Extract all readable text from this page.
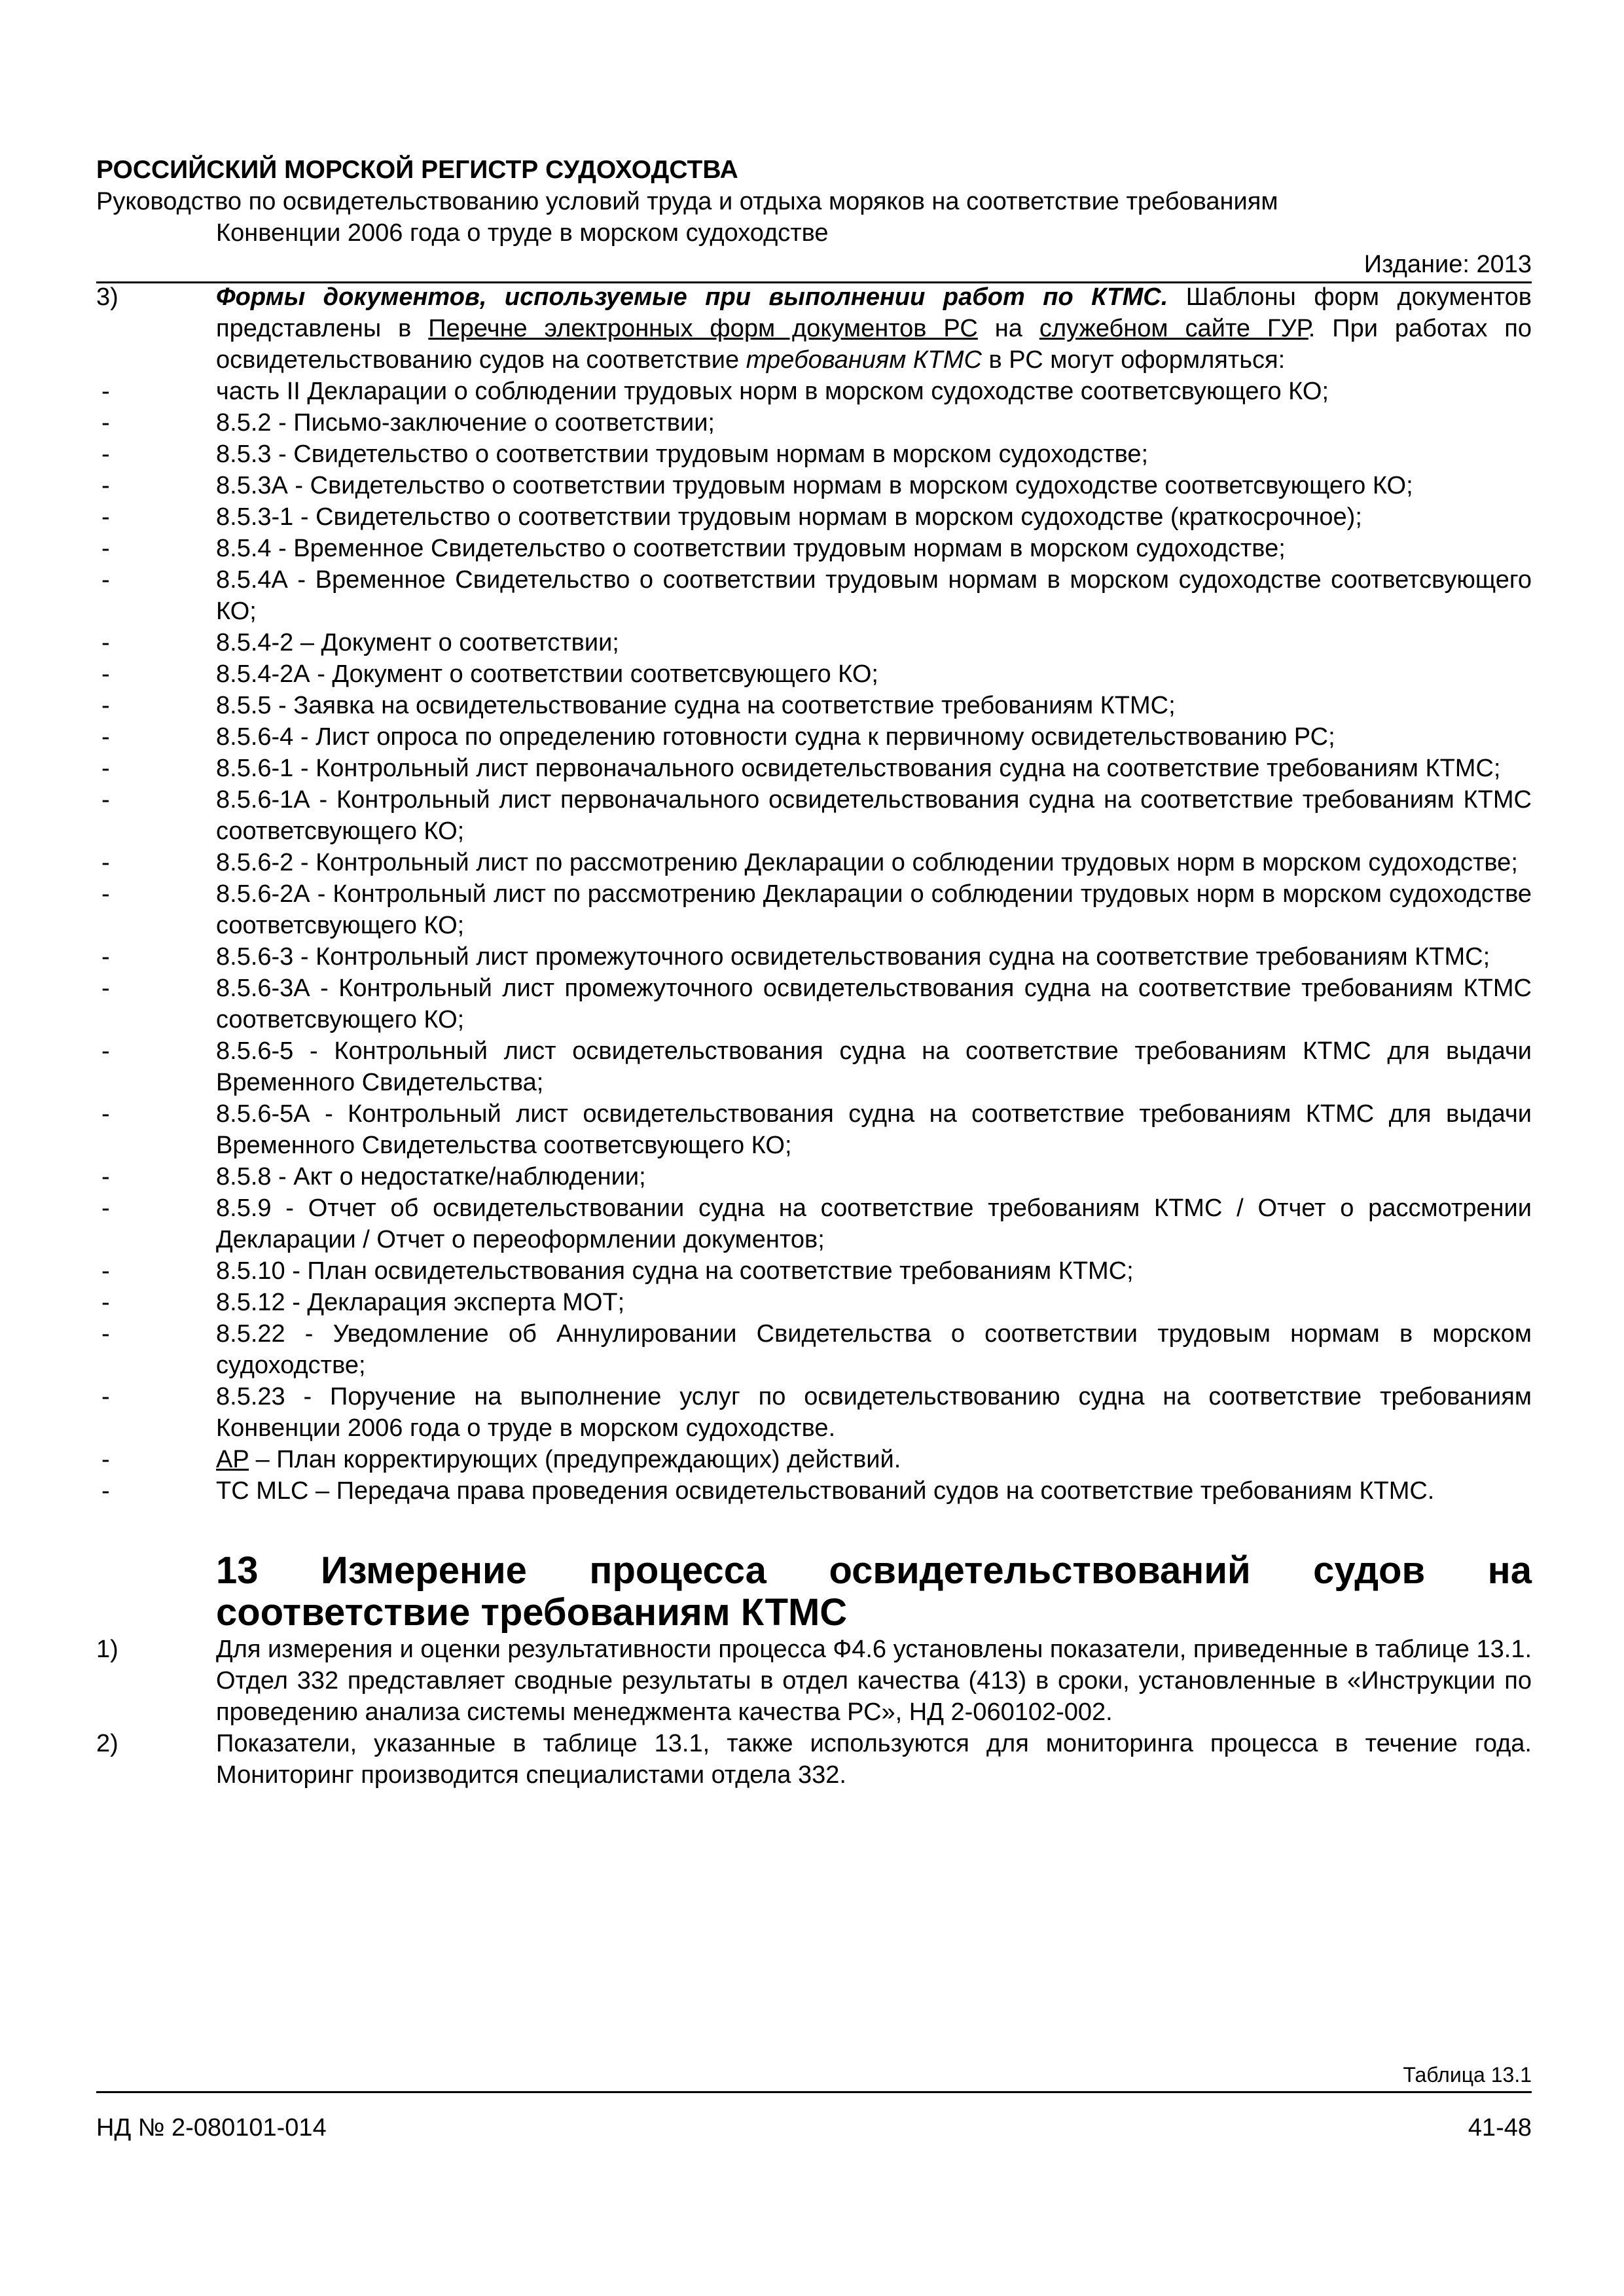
РОССИЙСКИЙ МОРСКОЙ РЕГИСТР СУДОХОДСТВА
Руководство по освидетельствованию условий труда и отдыха моряков на соответствие требованиям
Конвенции 2006 года о труде в морском судоходстве
Издание: 2013
3)	Формы документов, используемые при выполнении работ по КТМС. Шаблоны форм документов представлены в Перечне электронных форм документов РС на служебном сайте ГУР. При работах по освидетельствованию судов на соответствие требованиям КТМС в РС могут оформляться:
-	часть II Декларации о соблюдении трудовых норм в морском судоходстве соответсвующего КО;
-	8.5.2 - Письмо-заключение о соответствии;
-	8.5.3 - Свидетельство о соответствии трудовым нормам в морском судоходстве;
-	8.5.3А - Свидетельство о соответствии трудовым нормам в морском судоходстве соответсвующего КО;
-	8.5.3-1 - Свидетельство о соответствии трудовым нормам в морском судоходстве (краткосрочное);
-	8.5.4 - Временное Свидетельство о соответствии трудовым нормам в морском судоходстве;
-	8.5.4А - Временное Свидетельство о соответствии трудовым нормам в морском судоходстве соответсвующего КО;
-	8.5.4-2 – Документ о соответствии;
-	8.5.4-2А - Документ о соответствии соответсвующего КО;
-	8.5.5 - Заявка на освидетельствование судна на соответствие требованиям КТМС;
-	8.5.6-4 - Лист опроса по определению готовности судна к первичному освидетельствованию РС;
-	8.5.6-1 - Контрольный лист первоначального освидетельствования судна на соответствие требованиям КТМС;
-	8.5.6-1А - Контрольный лист первоначального освидетельствования судна на соответствие требованиям КТМС соответсвующего КО;
-	8.5.6-2 - Контрольный лист по рассмотрению Декларации о соблюдении трудовых норм в морском судоходстве;
-	8.5.6-2А - Контрольный лист по рассмотрению Декларации о соблюдении трудовых норм в морском судоходстве соответсвующего КО;
-	8.5.6-3 - Контрольный лист промежуточного освидетельствования судна на соответствие требованиям КТМС;
-	8.5.6-3А - Контрольный лист промежуточного освидетельствования судна на соответствие требованиям КТМС соответсвующего КО;
-	8.5.6-5 - Контрольный лист освидетельствования судна на соответствие требованиям КТМС для выдачи Временного Свидетельства;
-	8.5.6-5А - Контрольный лист освидетельствования судна на соответствие требованиям КТМС для выдачи Временного Свидетельства соответсвующего КО;
-	8.5.8 - Акт о недостатке/наблюдении;
-	8.5.9 - Отчет об освидетельствовании судна на соответствие требованиям КТМС / Отчет о рассмотрении Декларации / Отчет о переоформлении документов;
-	8.5.10 - План освидетельствования судна на соответствие требованиям КТМС;
-	8.5.12 - Декларация эксперта МОТ;
-	8.5.22 - Уведомление об Аннулировании Свидетельства о соответствии трудовым нормам в морском судоходстве;
-	8.5.23 - Поручение на выполнение услуг по освидетельствованию судна на соответствие требованиям Конвенции 2006 года о труде в морском судоходстве.
-	AP – План корректирующих (предупреждающих) действий.
-	TC MLC – Передача права проведения освидетельствований судов на соответствие требованиям КТМС.
13 Измерение процесса освидетельствований судов на
соответствие требованиям КТМС
1)	Для измерения и оценки результативности процесса Ф4.6 установлены показатели, приведенные в таблице 13.1. Отдел 332 представляет сводные результаты в отдел качества (413) в сроки, установленные в «Инструкции по проведению анализа системы менеджмента качества РС», НД 2-060102-002.
2)	Показатели, указанные в таблице 13.1, также используются для мониторинга процесса в течение года. Мониторинг производится специалистами отдела 332.
Таблица 13.1
НД № 2-080101-014	41-48
